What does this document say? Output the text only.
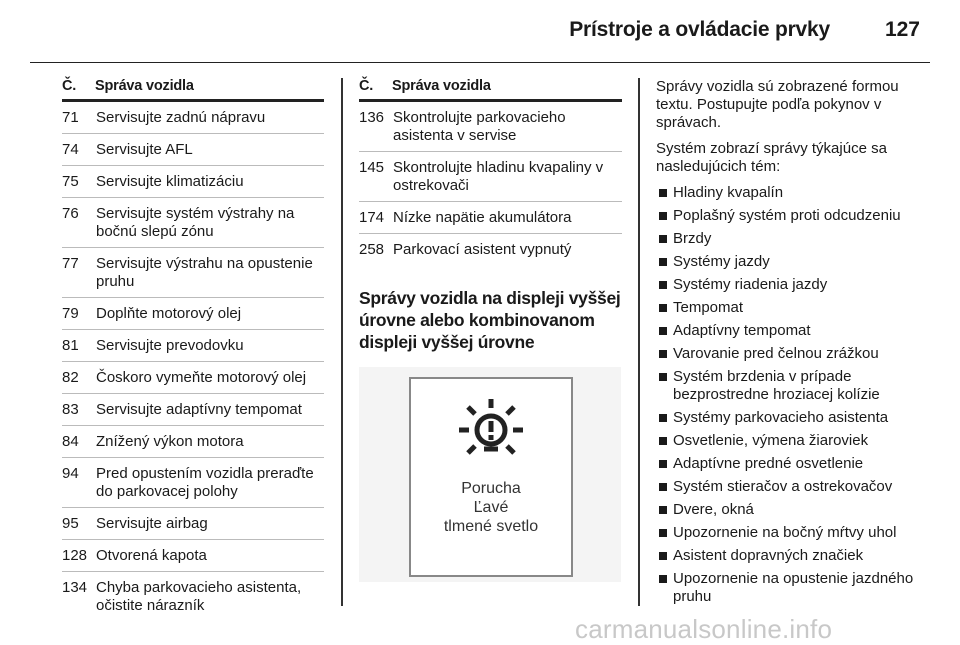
Prístroje a ovládacie prvky	127
Č.	Správa vozidla
71	Servisujte zadnú nápravu
74	Servisujte AFL
75	Servisujte klimatizáciu
76	Servisujte systém výstrahy na bočnú slepú zónu
77	Servisujte výstrahu na opustenie pruhu
79	Doplňte motorový olej
81	Servisujte prevodovku
82	Čoskoro vymeňte motorový olej
83	Servisujte adaptívny tempomat
84	Znížený výkon motora
94	Pred opustením vozidla preraďte do parkovacej polohy
95	Servisujte airbag
128 Otvorená kapota
134 Chyba parkovacieho asistenta, očistite nárazník
Č.	Správa vozidla
136 Skontrolujte parkovacieho asistenta v servise
145 Skontrolujte hladinu kvapaliny v ostrekovači
174 Nízke napätie akumulátora
258 Parkovací asistent vypnutý
Správy vozidla na displeji vyššej úrovne alebo kombinovanom displeji vyššej úrovne
Porucha
Ľavé
tlmené svetlo
Správy vozidla sú zobrazené formou textu. Postupujte podľa pokynov v správach.
Systém zobrazí správy týkajúce sa nasledujúcich tém:
Hladiny kvapalín
Poplašný systém proti odcudzeniu
Brzdy
Systémy jazdy
Systémy riadenia jazdy
Tempomat
Adaptívny tempomat
Varovanie pred čelnou zrážkou
Systém brzdenia v prípade bezprostredne hroziacej kolízie
Systémy parkovacieho asistenta
Osvetlenie, výmena žiaroviek
Adaptívne predné osvetlenie
Systém stieračov a ostrekovačov
Dvere, okná
Upozornenie na bočný mŕtvy uhol
Asistent dopravných značiek
Upozornenie na opustenie jazdného pruhu
carmanualsonline.info
